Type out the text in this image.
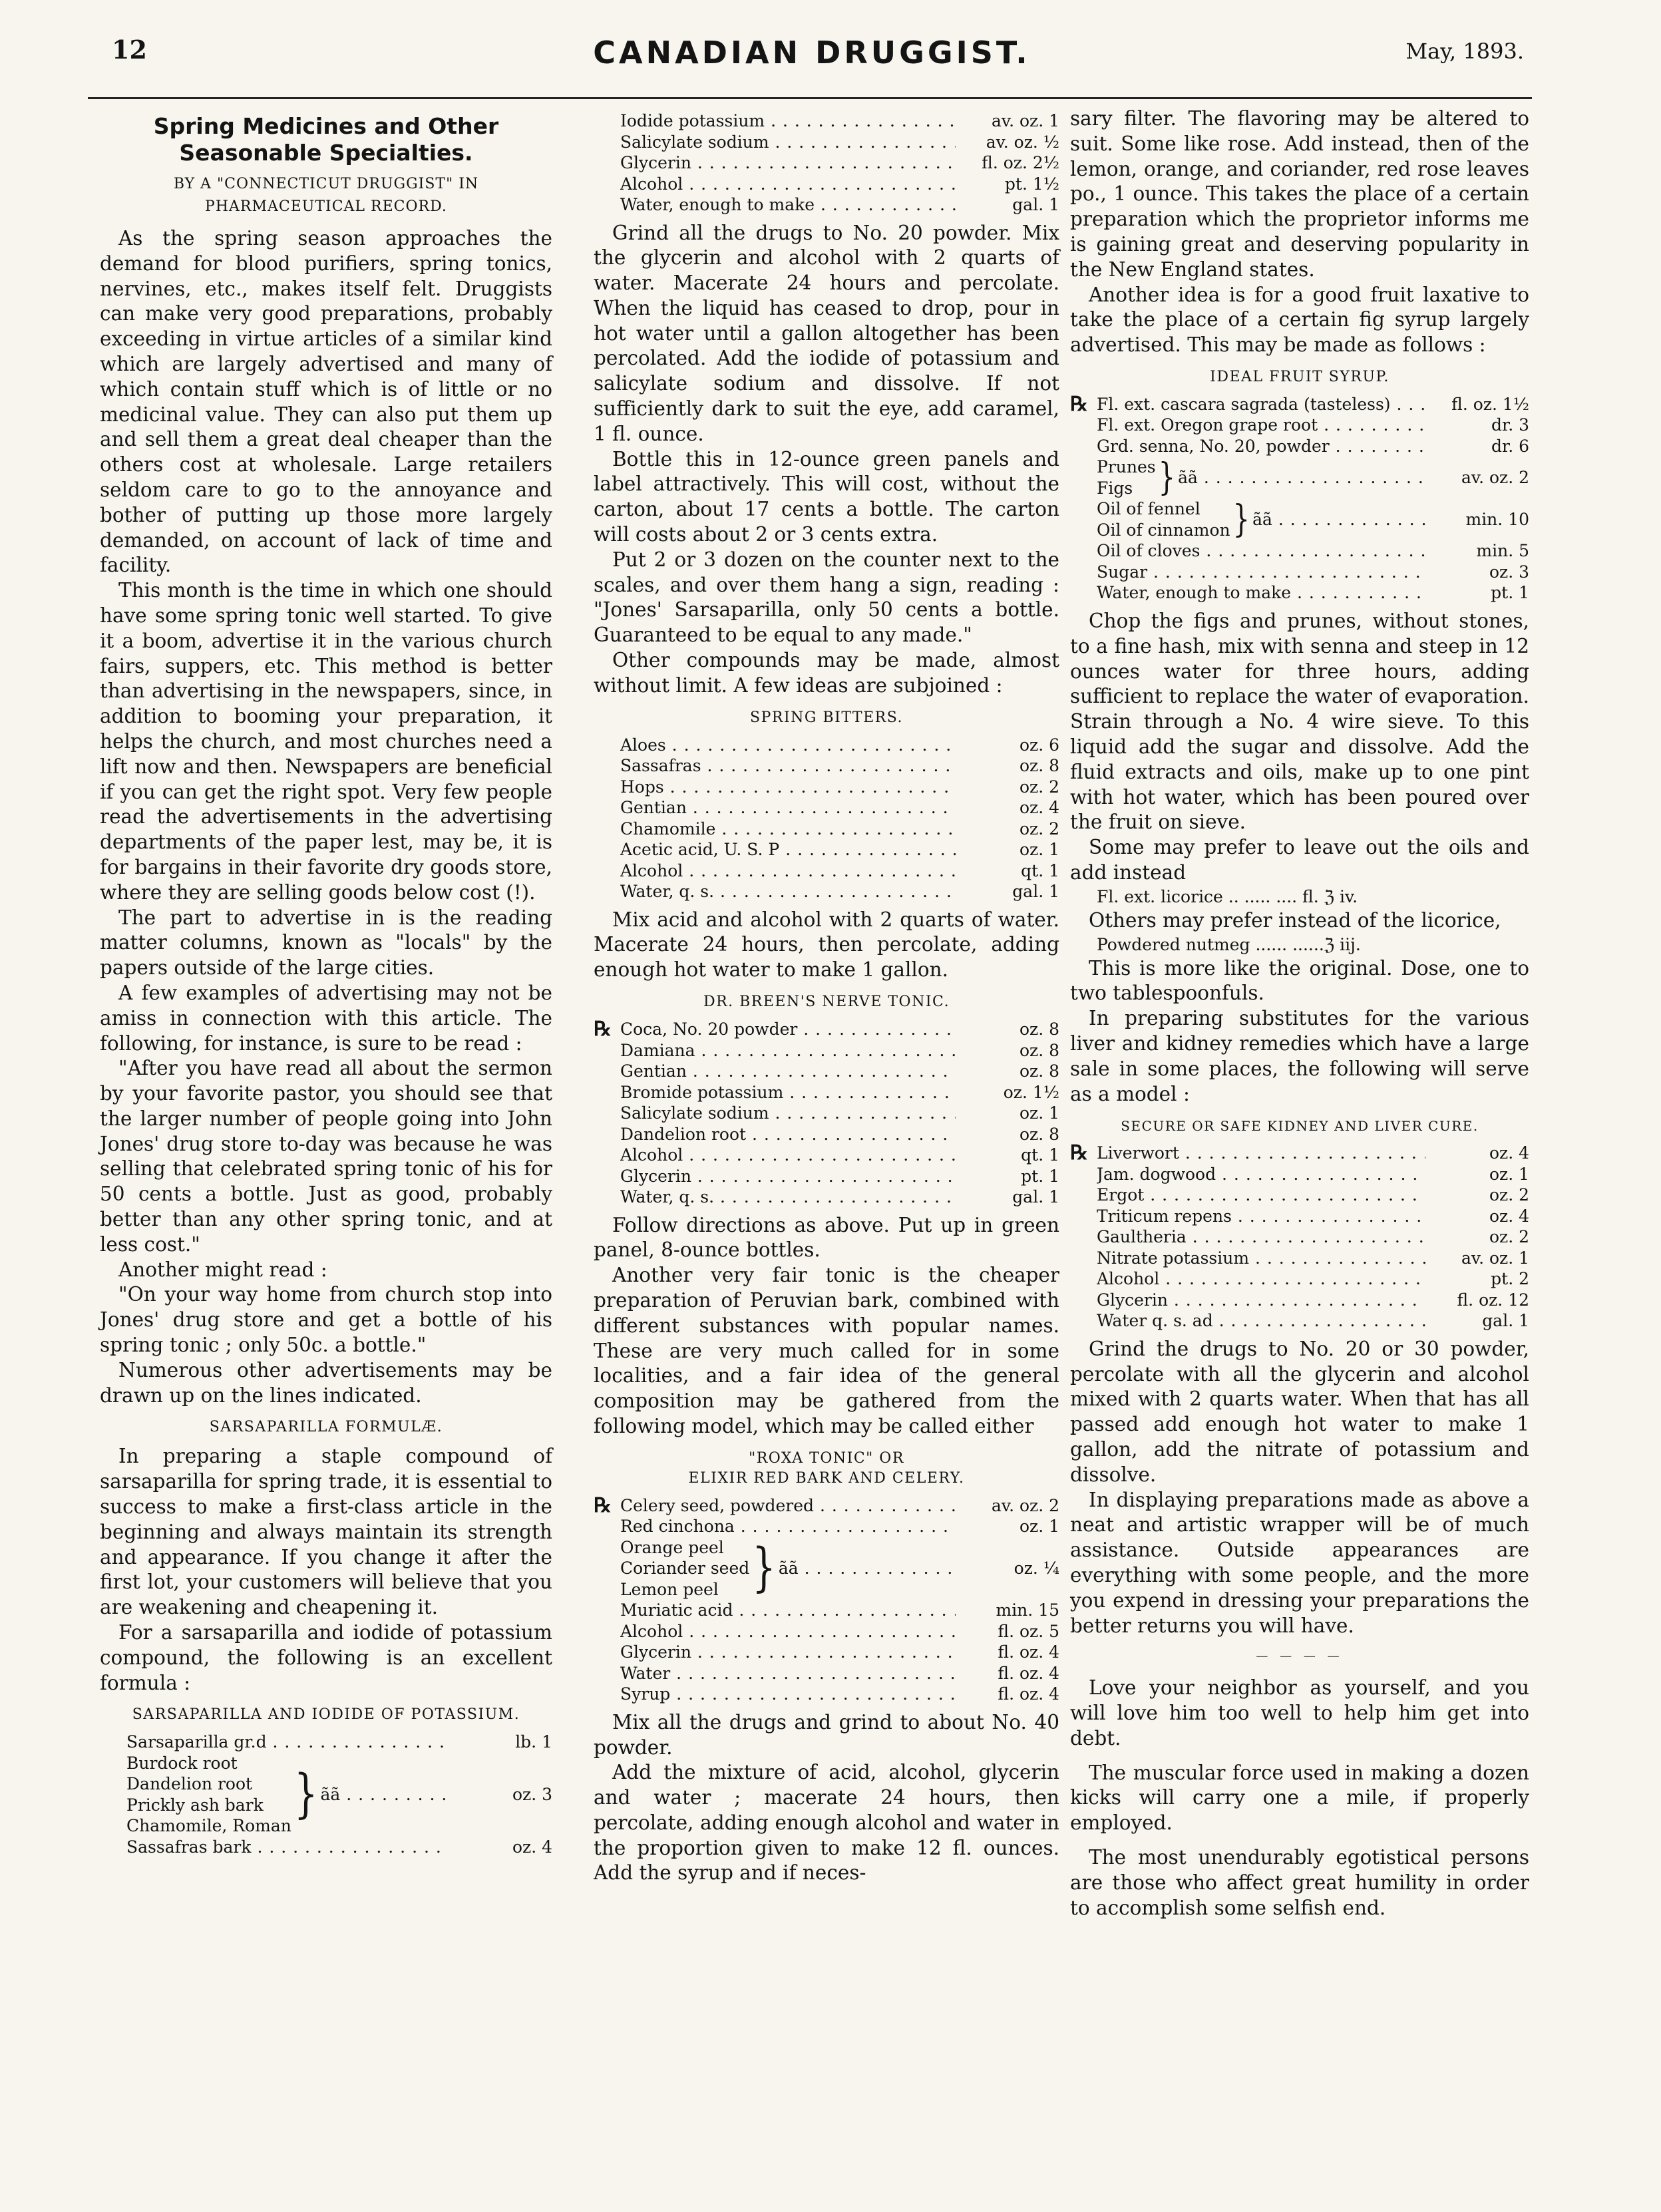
12	CANADIAN DRUGGIST.	May, 1893.
Spring Medicines and Other Seasonable Specialties.
BY A "CONNECTICUT DRUGGIST" IN PHARMACEUTICAL RECORD.

As the spring season approaches the demand for blood purifiers, spring tonics, nervines, etc., makes itself felt. Druggists can make very good preparations, probably exceeding in virtue articles of a similar kind which are largely advertised and many of which contain stuff which is of little or no medicinal value. They can also put them up and sell them a great deal cheaper than the others cost at wholesale. Large retailers seldom care to go to the annoyance and bother of putting up those more largely demanded, on account of lack of time and facility.

This month is the time in which one should have some spring tonic well started. To give it a boom, advertise it in the various church fairs, suppers, etc. This method is better than advertising in the newspapers, since, in addition to booming your preparation, it helps the church, and most churches need a lift now and then. Newspapers are beneficial if you can get the right spot. Very few people read the advertisements in the advertising departments of the paper lest, may be, it is for bargains in their favorite dry goods store, where they are selling goods below cost (!).

The part to advertise in is the reading matter columns, known as "locals" by the papers outside of the large cities.

A few examples of advertising may not be amiss in connection with this article. The following, for instance, is sure to be read :

"After you have read all about the sermon by your favorite pastor, you should see that the larger number of people going into John Jones' drug store to-day was because he was selling that celebrated spring tonic of his for 50 cents a bottle. Just as good, probably better than any other spring tonic, and at less cost."

Another might read :

"On your way home from church stop into Jones' drug store and get a bottle of his spring tonic ; only 50c. a bottle."

Numerous other advertisements may be drawn up on the lines indicated.

SARSAPARILLA FORMULÆ.

In preparing a staple compound of sarsaparilla for spring trade, it is essential to success to make a first-class article in the beginning and always maintain its strength and appearance. If you change it after the first lot, your customers will believe that you are weakening and cheapening it.

For a sarsaparilla and iodide of potassium compound, the following is an excellent formula :

SARSAPARILLA AND IODIDE OF POTASSIUM.
Sarsaparilla gr.d . . .	lb. 1
Burdock root
Dandelion root
Prickly ash bark
Chamomile, Roman
} ãã . . .	oz. 3
Sassafras bark . . .	oz. 4
Iodide potassium . . .	av. oz. 1
Salicylate sodium . . .	av. oz. ½
Glycerin . . .	fl. oz. 2½
Alcohol . . .	pt. 1½
Water, enough to make . . .	gal. 1

Grind all the drugs to No. 20 powder. Mix the glycerin and alcohol with 2 quarts of water. Macerate 24 hours and percolate. When the liquid has ceased to drop, pour in hot water until a gallon altogether has been percolated. Add the iodide of potassium and salicylate sodium and dissolve. If not sufficiently dark to suit the eye, add caramel, 1 fl. ounce.

Bottle this in 12-ounce green panels and label attractively. This will cost, without the carton, about 17 cents a bottle. The carton will costs about 2 or 3 cents extra.

Put 2 or 3 dozen on the counter next to the scales, and over them hang a sign, reading : "Jones' Sarsaparilla, only 50 cents a bottle. Guaranteed to be equal to any made."

Other compounds may be made, almost without limit. A few ideas are subjoined :

SPRING BITTERS.
Aloes . . .	oz. 6
Sassafras . . .	oz. 8
Hops . . .	oz. 2
Gentian . . .	oz. 4
Chamomile . . .	oz. 2
Acetic acid, U. S. P . . .	oz. 1
Alcohol . . .	qt. 1
Water, q. s. . . .	gal. 1

Mix acid and alcohol with 2 quarts of water. Macerate 24 hours, then percolate, adding enough hot water to make 1 gallon.

DR. BREEN'S NERVE TONIC.
℞ Coca, No. 20 powder . . .	oz. 8
Damiana . . .	oz. 8
Gentian . . .	oz. 8
Bromide potassium . . .	oz. 1½
Salicylate sodium . . .	oz. 1
Dandelion root . . .	oz. 8
Alcohol . . .	qt. 1
Glycerin . . .	pt. 1
Water, q. s. . . .	gal. 1

Follow directions as above. Put up in green panel, 8-ounce bottles.

Another very fair tonic is the cheaper preparation of Peruvian bark, combined with different substances with popular names. These are very much called for in some localities, and a fair idea of the general composition may be gathered from the following model, which may be called either

"ROXA TONIC" OR
ELIXIR RED BARK AND CELERY.
℞ Celery seed, powdered . . .	av. oz. 2
Red cinchona . . .	oz. 1
Orange peel
Coriander seed
Lemon peel } ãã . . .	oz. ¼
Muriatic acid . . .	min. 15
Alcohol . . .	fl. oz. 5
Glycerin . . .	fl. oz. 4
Water . . .	fl. oz. 4
Syrup . . .	fl. oz. 4

Mix all the drugs and grind to about No. 40 powder.

Add the mixture of acid, alcohol, glycerin and water ; macerate 24 hours, then percolate, adding enough alcohol and water in the proportion given to make 12 fl. ounces. Add the syrup and if neces-

sary filter. The flavoring may be altered to suit. Some like rose. Add instead, then of the lemon, orange, and coriander, red rose leaves po., 1 ounce. This takes the place of a certain preparation which the proprietor informs me is gaining great and deserving popularity in the New England states.

Another idea is for a good fruit laxative to take the place of a certain fig syrup largely advertised. This may be made as follows :

IDEAL FRUIT SYRUP.
℞ Fl. ext. cascara sagrada (tasteless) . . .	fl. oz. 1½
Fl. ext. Oregon grape root . . .	dr. 3
Grd. senna, No. 20, powder . . .	dr. 6
Prunes
Figs } ãã . . .	av. oz. 2
Oil of fennel
Oil of cinnamon } ãã . . .	min. 10
Oil of cloves . . .	min. 5
Sugar . . .	oz. 3
Water, enough to make . . .	pt. 1

Chop the figs and prunes, without stones, to a fine hash, mix with senna and steep in 12 ounces water for three hours, adding sufficient to replace the water of evaporation. Strain through a No. 4 wire sieve. To this liquid add the sugar and dissolve. Add the fluid extracts and oils, make up to one pint with hot water, which has been poured over the fruit on sieve.

Some may prefer to leave out the oils and add instead

Fl. ext. licorice .. ..... .... fl. ℨ iv.

Others may prefer instead of the licorice,

Powdered nutmeg ...... ......ℨ iij.

This is more like the original. Dose, one to two tablespoonfuls.

In preparing substitutes for the various liver and kidney remedies which have a large sale in some places, the following will serve as a model :

SECURE OR SAFE KIDNEY AND LIVER CURE.
℞ Liverwort . . .	oz. 4
Jam. dogwood . . .	oz. 1
Ergot . . .	oz. 2
Triticum repens . . .	oz. 4
Gaultheria . . .	oz. 2
Nitrate potassium . . .	av. oz. 1
Alcohol . . .	pt. 2
Glycerin . . .	fl. oz. 12
Water q. s. ad . . .	gal. 1

Grind the drugs to No. 20 or 30 powder, percolate with all the glycerin and alcohol mixed with 2 quarts water. When that has all passed add enough hot water to make 1 gallon, add the nitrate of potassium and dissolve.

In displaying preparations made as above a neat and artistic wrapper will be of much assistance. Outside appearances are everything with some people, and the more you expend in dressing your preparations the better returns you will have.

— — — —

Love your neighbor as yourself, and you will love him too well to help him get into debt.

The muscular force used in making a dozen kicks will carry one a mile, if properly employed.

The most unendurably egotistical persons are those who affect great humility in order to accomplish some selfish end.
